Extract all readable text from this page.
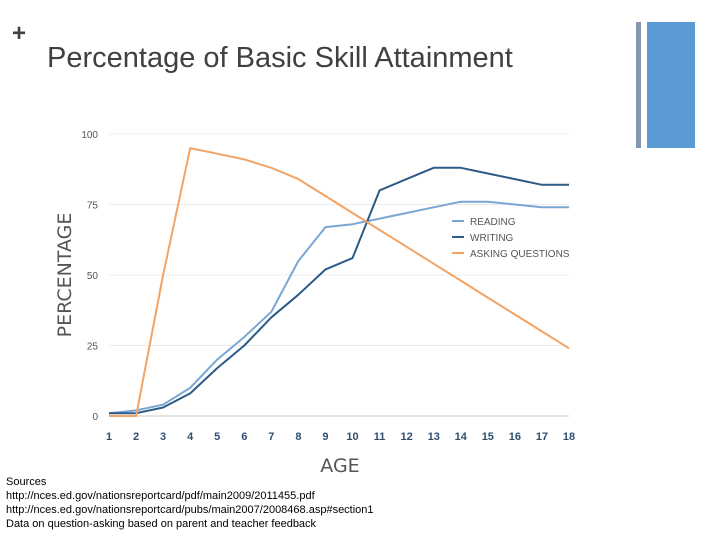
+
Percentage of Basic Skill Attainment
0
25
50
75
100
1 2 3 4 5 6 7 8 9 10 11 12 13 14 15 16 17 18
AGE
PERCENTAGE	READING
WRITING
ASKING QUESTIONS
Sources
http://nces.ed.gov/nationsreportcard/pdf/main2009/2011455.pdf
http://nces.ed.gov/nationsreportcard/pubs/main2007/2008468.asp#section1
Data on question-asking based on parent and teacher feedback
